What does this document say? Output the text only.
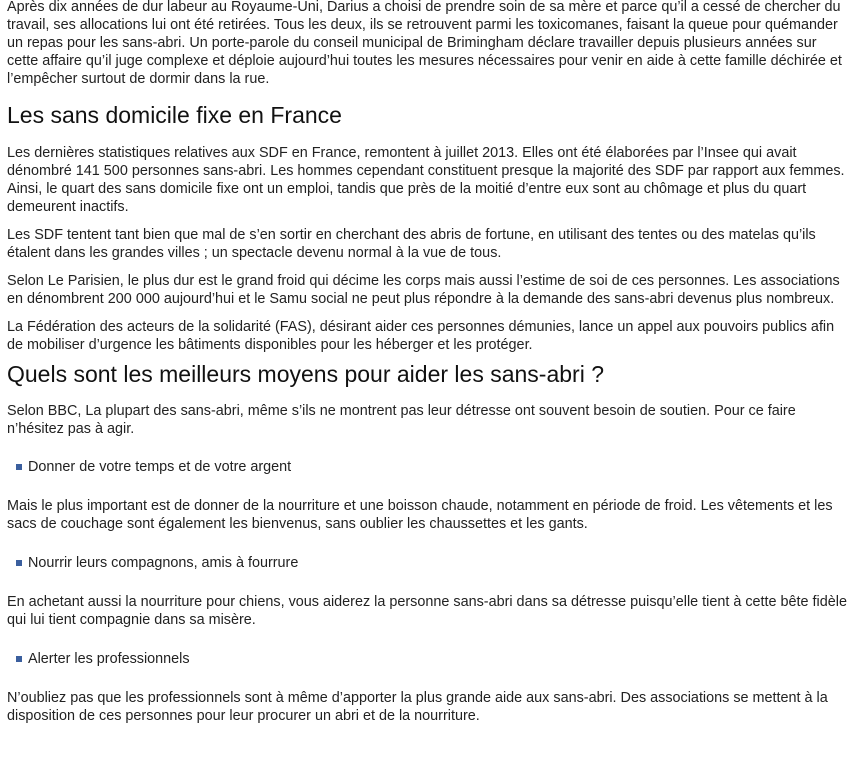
Après dix années de dur labeur au Royaume-Uni, Darius a choisi de prendre soin de sa mère et parce qu’il a cessé de chercher du travail, ses allocations lui ont été retirées. Tous les deux, ils se retrouvent parmi les toxicomanes, faisant la queue pour quémander un repas pour les sans-abri. Un porte-parole du conseil municipal de Brimingham déclare travailler depuis plusieurs années sur cette affaire qu’il juge complexe et déploie aujourd’hui toutes les mesures nécessaires pour venir en aide à cette famille déchirée et l’empêcher surtout de dormir dans la rue.

Les sans domicile fixe en France

Les dernières statistiques relatives aux SDF en France, remontent à juillet 2013. Elles ont été élaborées par l’Insee qui avait dénombré 141 500 personnes sans-abri. Les hommes cependant constituent presque la majorité des SDF par rapport aux femmes. Ainsi, le quart des sans domicile fixe ont un emploi, tandis que près de la moitié d’entre eux sont au chômage et plus du quart demeurent inactifs.

Les SDF tentent tant bien que mal de s’en sortir en cherchant des abris de fortune, en utilisant des tentes ou des matelas qu’ils étalent dans les grandes villes ; un spectacle devenu normal à la vue de tous.

Selon Le Parisien, le plus dur est le grand froid qui décime les corps mais aussi l’estime de soi de ces personnes. Les associations en dénombrent 200 000 aujourd’hui et le Samu social ne peut plus répondre à la demande des sans-abri devenus plus nombreux.

La Fédération des acteurs de la solidarité (FAS), désirant aider ces personnes démunies, lance un appel aux pouvoirs publics afin de mobiliser d’urgence les bâtiments disponibles pour les héberger et les protéger.

Quels sont les meilleurs moyens pour aider les sans-abri ?

Selon BBC, La plupart des sans-abri, même s’ils ne montrent pas leur détresse ont souvent besoin de soutien. Pour ce faire n’hésitez pas à agir.

Donner de votre temps et de votre argent

Mais le plus important est de donner de la nourriture et une boisson chaude, notamment en période de froid. Les vêtements et les sacs de couchage sont également les bienvenus, sans oublier les chaussettes et les gants.

Nourrir leurs compagnons, amis à fourrure

En achetant aussi la nourriture pour chiens, vous aiderez la personne sans-abri dans sa détresse puisqu’elle tient à cette bête fidèle qui lui tient compagnie dans sa misère.

Alerter les professionnels

N’oubliez pas que les professionnels sont à même d’apporter la plus grande aide aux sans-abri. Des associations se mettent à la disposition de ces personnes pour leur procurer un abri et de la nourriture.
